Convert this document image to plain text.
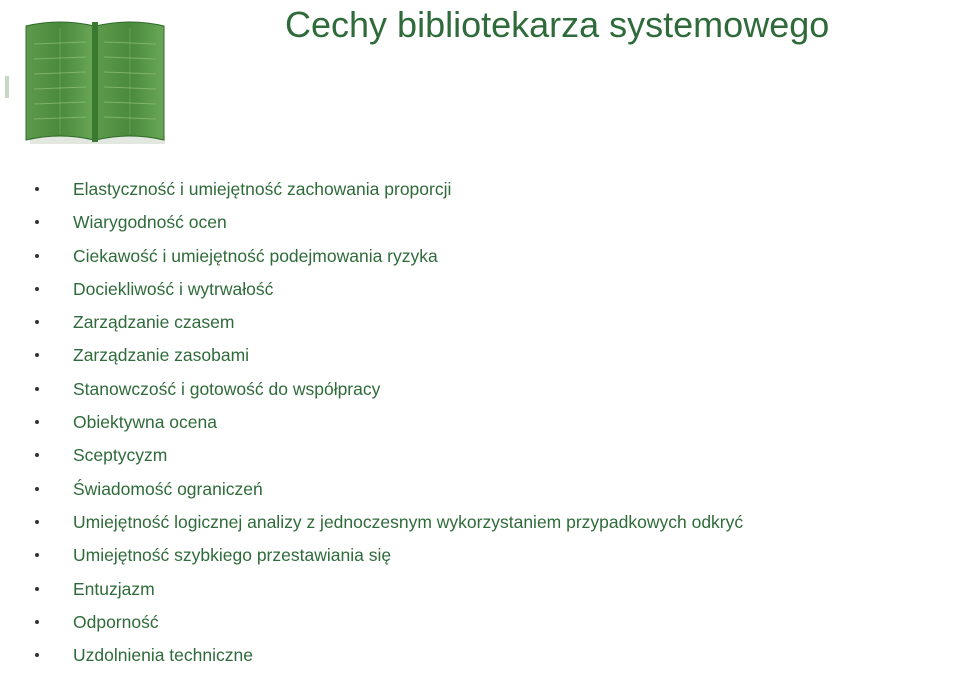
Cechy bibliotekarza systemowego
Elastyczność i umiejętność zachowania proporcji
Wiarygodność ocen
Ciekawość i umiejętność podejmowania ryzyka
Dociekliwość i wytrwałość
Zarządzanie czasem
Zarządzanie zasobami
Stanowczość i gotowość do współpracy
Obiektywna ocena
Sceptycyzm
Świadomość ograniczeń
Umiejętność logicznej analizy z jednoczesnym wykorzystaniem przypadkowych odkryć
Umiejętność szybkiego przestawiania się
Entuzjazm
Odporność
Uzdolnienia techniczne
